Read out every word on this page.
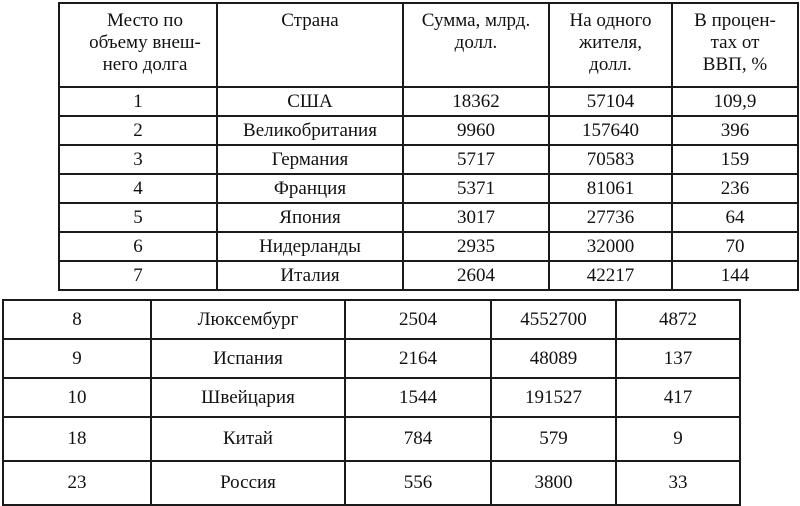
Место по объему внеш-него долга	Страна	Сумма, млрд. долл.	На одного жителя, долл.	В процен-тах от ВВП, %
1	США	18362	57104	109,9
2	Великобритания	9960	157640	396
3	Германия	5717	70583	159
4	Франция	5371	81061	236
5	Япония	3017	27736	64
6	Нидерланды	2935	32000	70
7	Италия	2604	42217	144
8	Люксембург	2504	4552700	4872
9	Испания	2164	48089	137
10	Швейцария	1544	191527	417
18	Китай	784	579	9
23	Россия	556	3800	33
